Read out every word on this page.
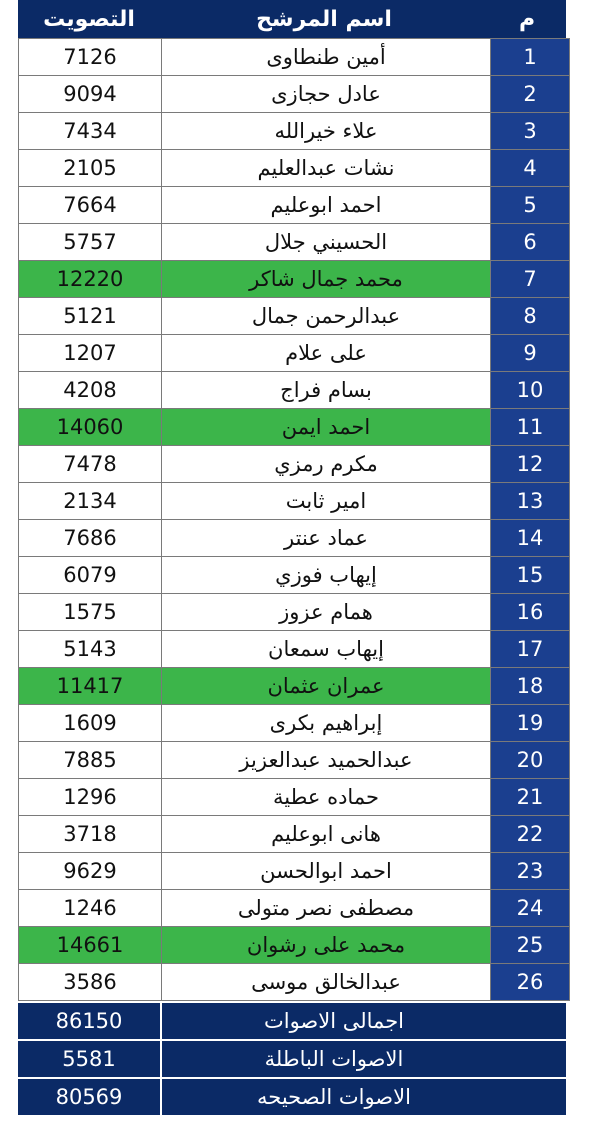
التصويت	اسم المرشح	م
7126	أمين طنطاوى	1
9094	عادل حجازى	2
7434	علاء خيرالله	3
2105	نشات عبدالعليم	4
7664	احمد ابوعليم	5
5757	الحسيني جلال	6
12220	محمد جمال شاكر	7
5121	عبدالرحمن جمال	8
1207	على علام	9
4208	بسام فراج	10
14060	احمد ايمن	11
7478	مكرم رمزي	12
2134	امير ثابت	13
7686	عماد عنتر	14
6079	إيهاب فوزي	15
1575	همام عزوز	16
5143	إيهاب سمعان	17
11417	عمران عثمان	18
1609	إبراهيم بكرى	19
7885	عبدالحميد عبدالعزيز	20
1296	حماده عطية	21
3718	هانى ابوعليم	22
9629	احمد ابوالحسن	23
1246	مصطفى نصر متولى	24
14661	محمد على رشوان	25
3586	عبدالخالق موسى	26
86150	اجمالى الاصوات
5581	الاصوات الباطلة
80569	الاصوات الصحيحه
